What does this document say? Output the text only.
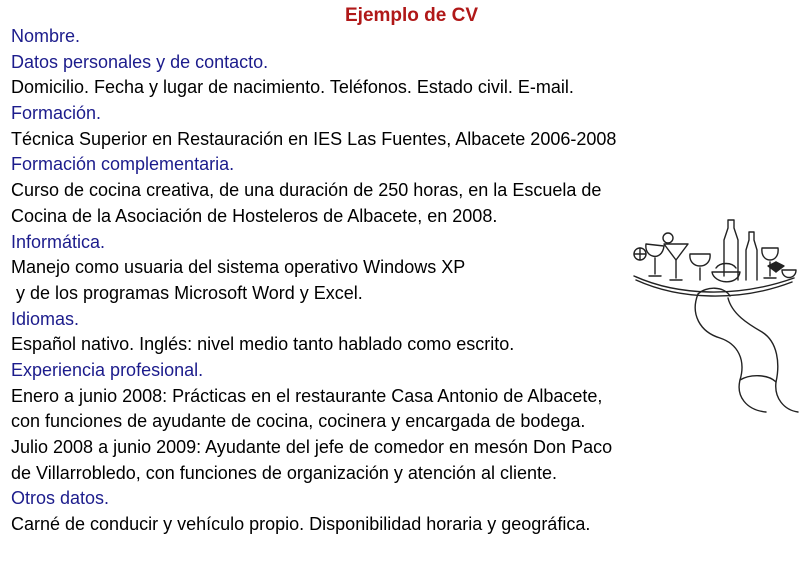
Ejemplo de CV
Nombre.
Datos personales y de contacto.
Domicilio. Fecha y lugar de nacimiento. Teléfonos. Estado civil. E-mail.
Formación.
Técnica Superior en Restauración en IES Las Fuentes, Albacete 2006-2008
Formación complementaria.
Curso de cocina creativa, de una duración de 250 horas, en la Escuela de
Cocina de la Asociación de Hosteleros de Albacete, en 2008.
Informática.
Manejo como usuaria del sistema operativo Windows XP
y de los programas Microsoft Word y Excel.
Idiomas.
Español nativo. Inglés: nivel medio tanto hablado como escrito.
Experiencia profesional.
Enero a junio 2008: Prácticas en el restaurante Casa Antonio de Albacete,
con funciones de ayudante de cocina, cocinera y encargada de bodega.
Julio 2008 a junio 2009: Ayudante del jefe de comedor en mesón Don Paco
de Villarrobledo, con funciones de organización y atención al cliente.
Otros datos.
Carné de conducir y vehículo propio. Disponibilidad horaria y geográfica.
